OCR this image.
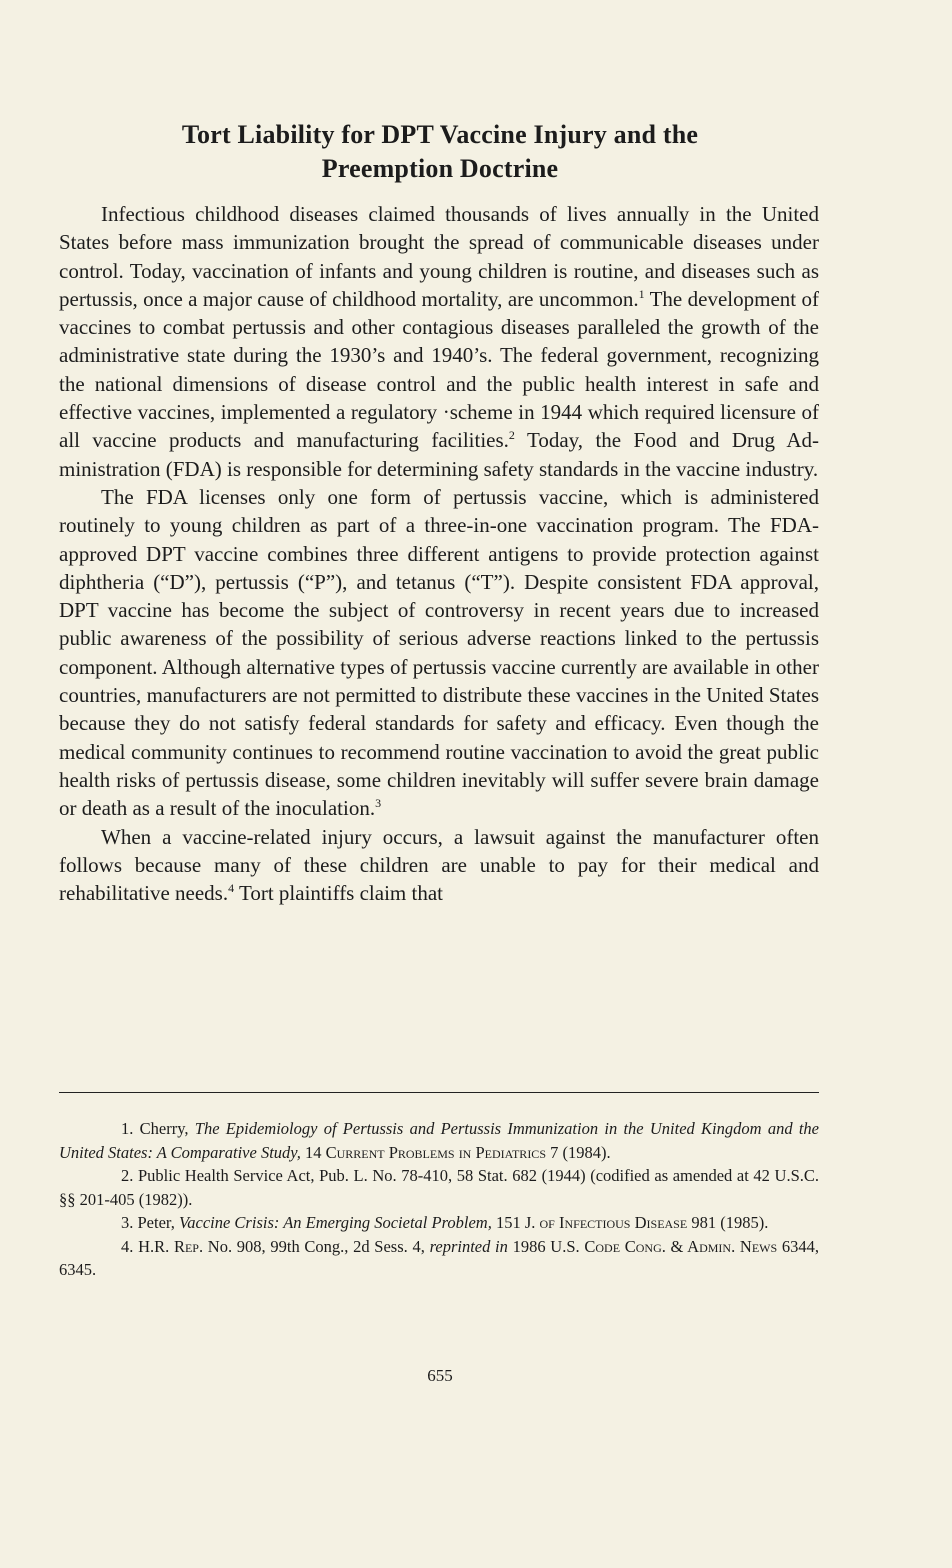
Tort Liability for DPT Vaccine Injury and the
Preemption Doctrine

Infectious childhood diseases claimed thousands of lives annually in the United States before mass immunization brought the spread of communicable diseases under control. Today, vaccination of infants and young children is routine, and diseases such as pertussis, once a major cause of childhood mortality, are uncommon.$^1$ The development of vaccines to combat pertussis and other contagious diseases paralleled the growth of the administrative state during the 1930’s and 1940’s. The federal government, recognizing the national dimensions of disease control and the public health interest in safe and effective vaccines, implemented a regulatory ·scheme in 1944 which required licensure of all vaccine products and manufacturing facilities.$^2$ Today, the Food and Drug Administration (FDA) is responsible for determining safety standards in the vaccine industry.

The FDA licenses only one form of pertussis vaccine, which is administered routinely to young children as part of a three-in-one vaccination program. The FDA-approved DPT vaccine combines three different antigens to provide protection against diphtheria (“D”), pertussis (“P”), and tetanus (“T”). Despite consistent FDA approval, DPT vaccine has become the subject of controversy in recent years due to increased public awareness of the possibility of serious adverse reactions linked to the pertussis component. Although alternative types of pertussis vaccine currently are available in other countries, manufacturers are not permitted to distribute these vaccines in the United States because they do not satisfy federal standards for safety and efficacy. Even though the medical community continues to recommend routine vaccination to avoid the great public health risks of pertussis disease, some children inevitably will suffer severe brain damage or death as a result of the inoculation.$^3$

When a vaccine-related injury occurs, a lawsuit against the manufacturer often follows because many of these children are unable to pay for their medical and rehabilitative needs.$^4$ Tort plaintiffs claim that

1. Cherry, The Epidemiology of Pertussis and Pertussis Immunization in the United Kingdom and the United States: A Comparative Study, 14 Current Problems in Pediatrics 7 (1984).

2. Public Health Service Act, Pub. L. No. 78-410, 58 Stat. 682 (1944) (codified as amended at 42 U.S.C. §§ 201-405 (1982)).

3. Peter, Vaccine Crisis: An Emerging Societal Problem, 151 J. of Infectious Disease 981 (1985).

4. H.R. Rep. No. 908, 99th Cong., 2d Sess. 4, reprinted in 1986 U.S. Code Cong. & Admin. News 6344, 6345.

655
